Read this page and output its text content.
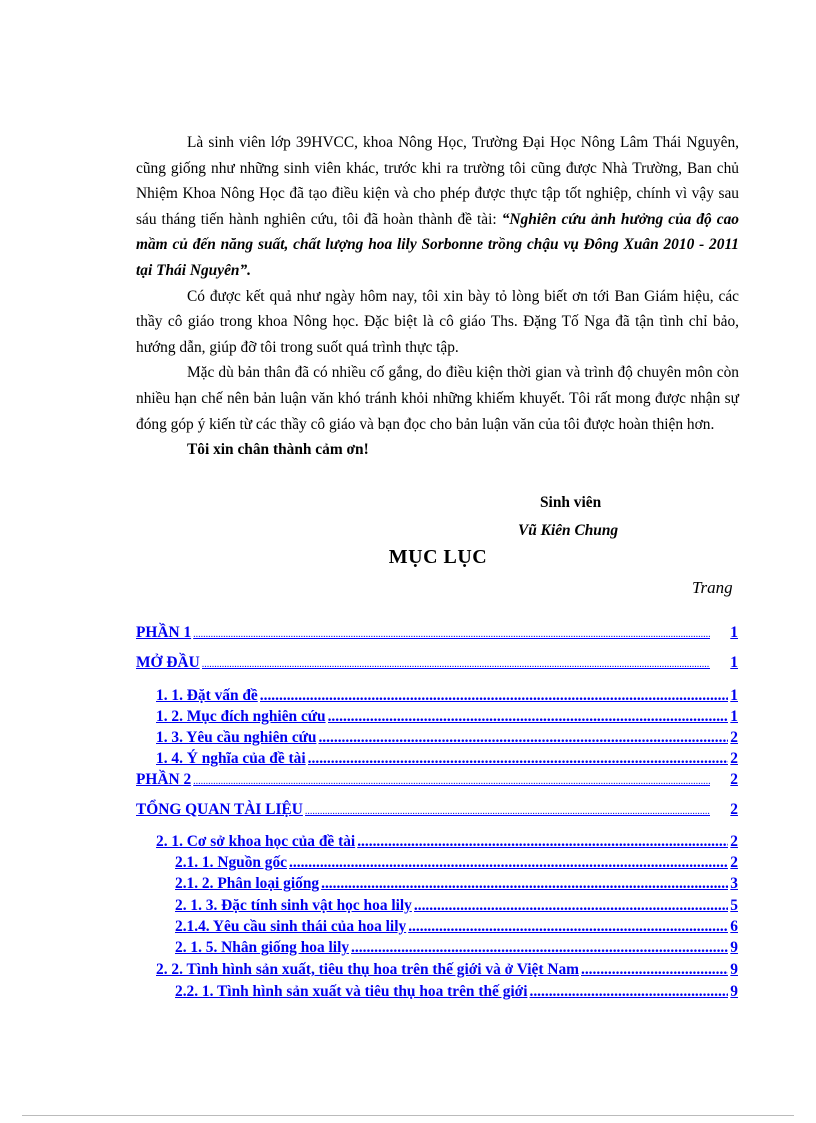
Là sinh viên lớp 39HVCC, khoa Nông Học, Trường Đại Học Nông Lâm Thái Nguyên, cũng giống như những sinh viên khác, trước khi ra trường tôi cũng được Nhà Trường, Ban chủ Nhiệm Khoa Nông Học đã tạo điều kiện và cho phép được thực tập tốt nghiệp, chính vì vậy sau sáu tháng tiến hành nghiên cứu, tôi đã hoàn thành đề tài: “Nghiên cứu ảnh hưởng của độ cao mầm củ đến năng suất, chất lượng hoa lily Sorbonne trồng chậu vụ Đông Xuân 2010 - 2011 tại Thái Nguyên”.

Có được kết quả như ngày hôm nay, tôi xin bày tỏ lòng biết ơn tới Ban Giám hiệu, các thầy cô giáo trong khoa Nông học. Đặc biệt là cô giáo Ths. Đặng Tố Nga đã tận tình chỉ bảo, hướng dẫn, giúp đỡ tôi trong suốt quá trình thực tập.

Mặc dù bản thân đã có nhiều cố gắng, do điều kiện thời gian và trình độ chuyên môn còn nhiều hạn chế nên bản luận văn khó tránh khỏi những khiếm khuyết. Tôi rất mong được nhận sự đóng góp ý kiến từ các thầy cô giáo và bạn đọc cho bản luận văn của tôi được hoàn thiện hơn.

Tôi xin chân thành cảm ơn!

Sinh viên
Vũ Kiên Chung
MỤC LỤC
Trang
PHẦN 1 .....	1
MỞ ĐẦU .....	1
1. 1. Đặt vấn đề .....	1
1. 2. Mục đích nghiên cứu .....	1
1. 3. Yêu cầu nghiên cứu .....	2
1. 4. Ý nghĩa của đề tài .....	2
PHẦN 2 .....	2
TỔNG QUAN TÀI LIỆU .....	2
2. 1. Cơ sở khoa học của đề tài .....	2
2.1. 1. Nguồn gốc .....	2
2.1. 2. Phân loại giống .....	3
2. 1. 3. Đặc tính sinh vật học hoa lily .....	5
2.1.4. Yêu cầu sinh thái của hoa lily .....	6
2. 1. 5. Nhân giống hoa lily .....	9
2. 2. Tình hình sản xuất, tiêu thụ hoa trên thế giới và ở Việt Nam .....	9
2.2. 1. Tình hình sản xuất và tiêu thụ hoa trên thế giới .....	9
